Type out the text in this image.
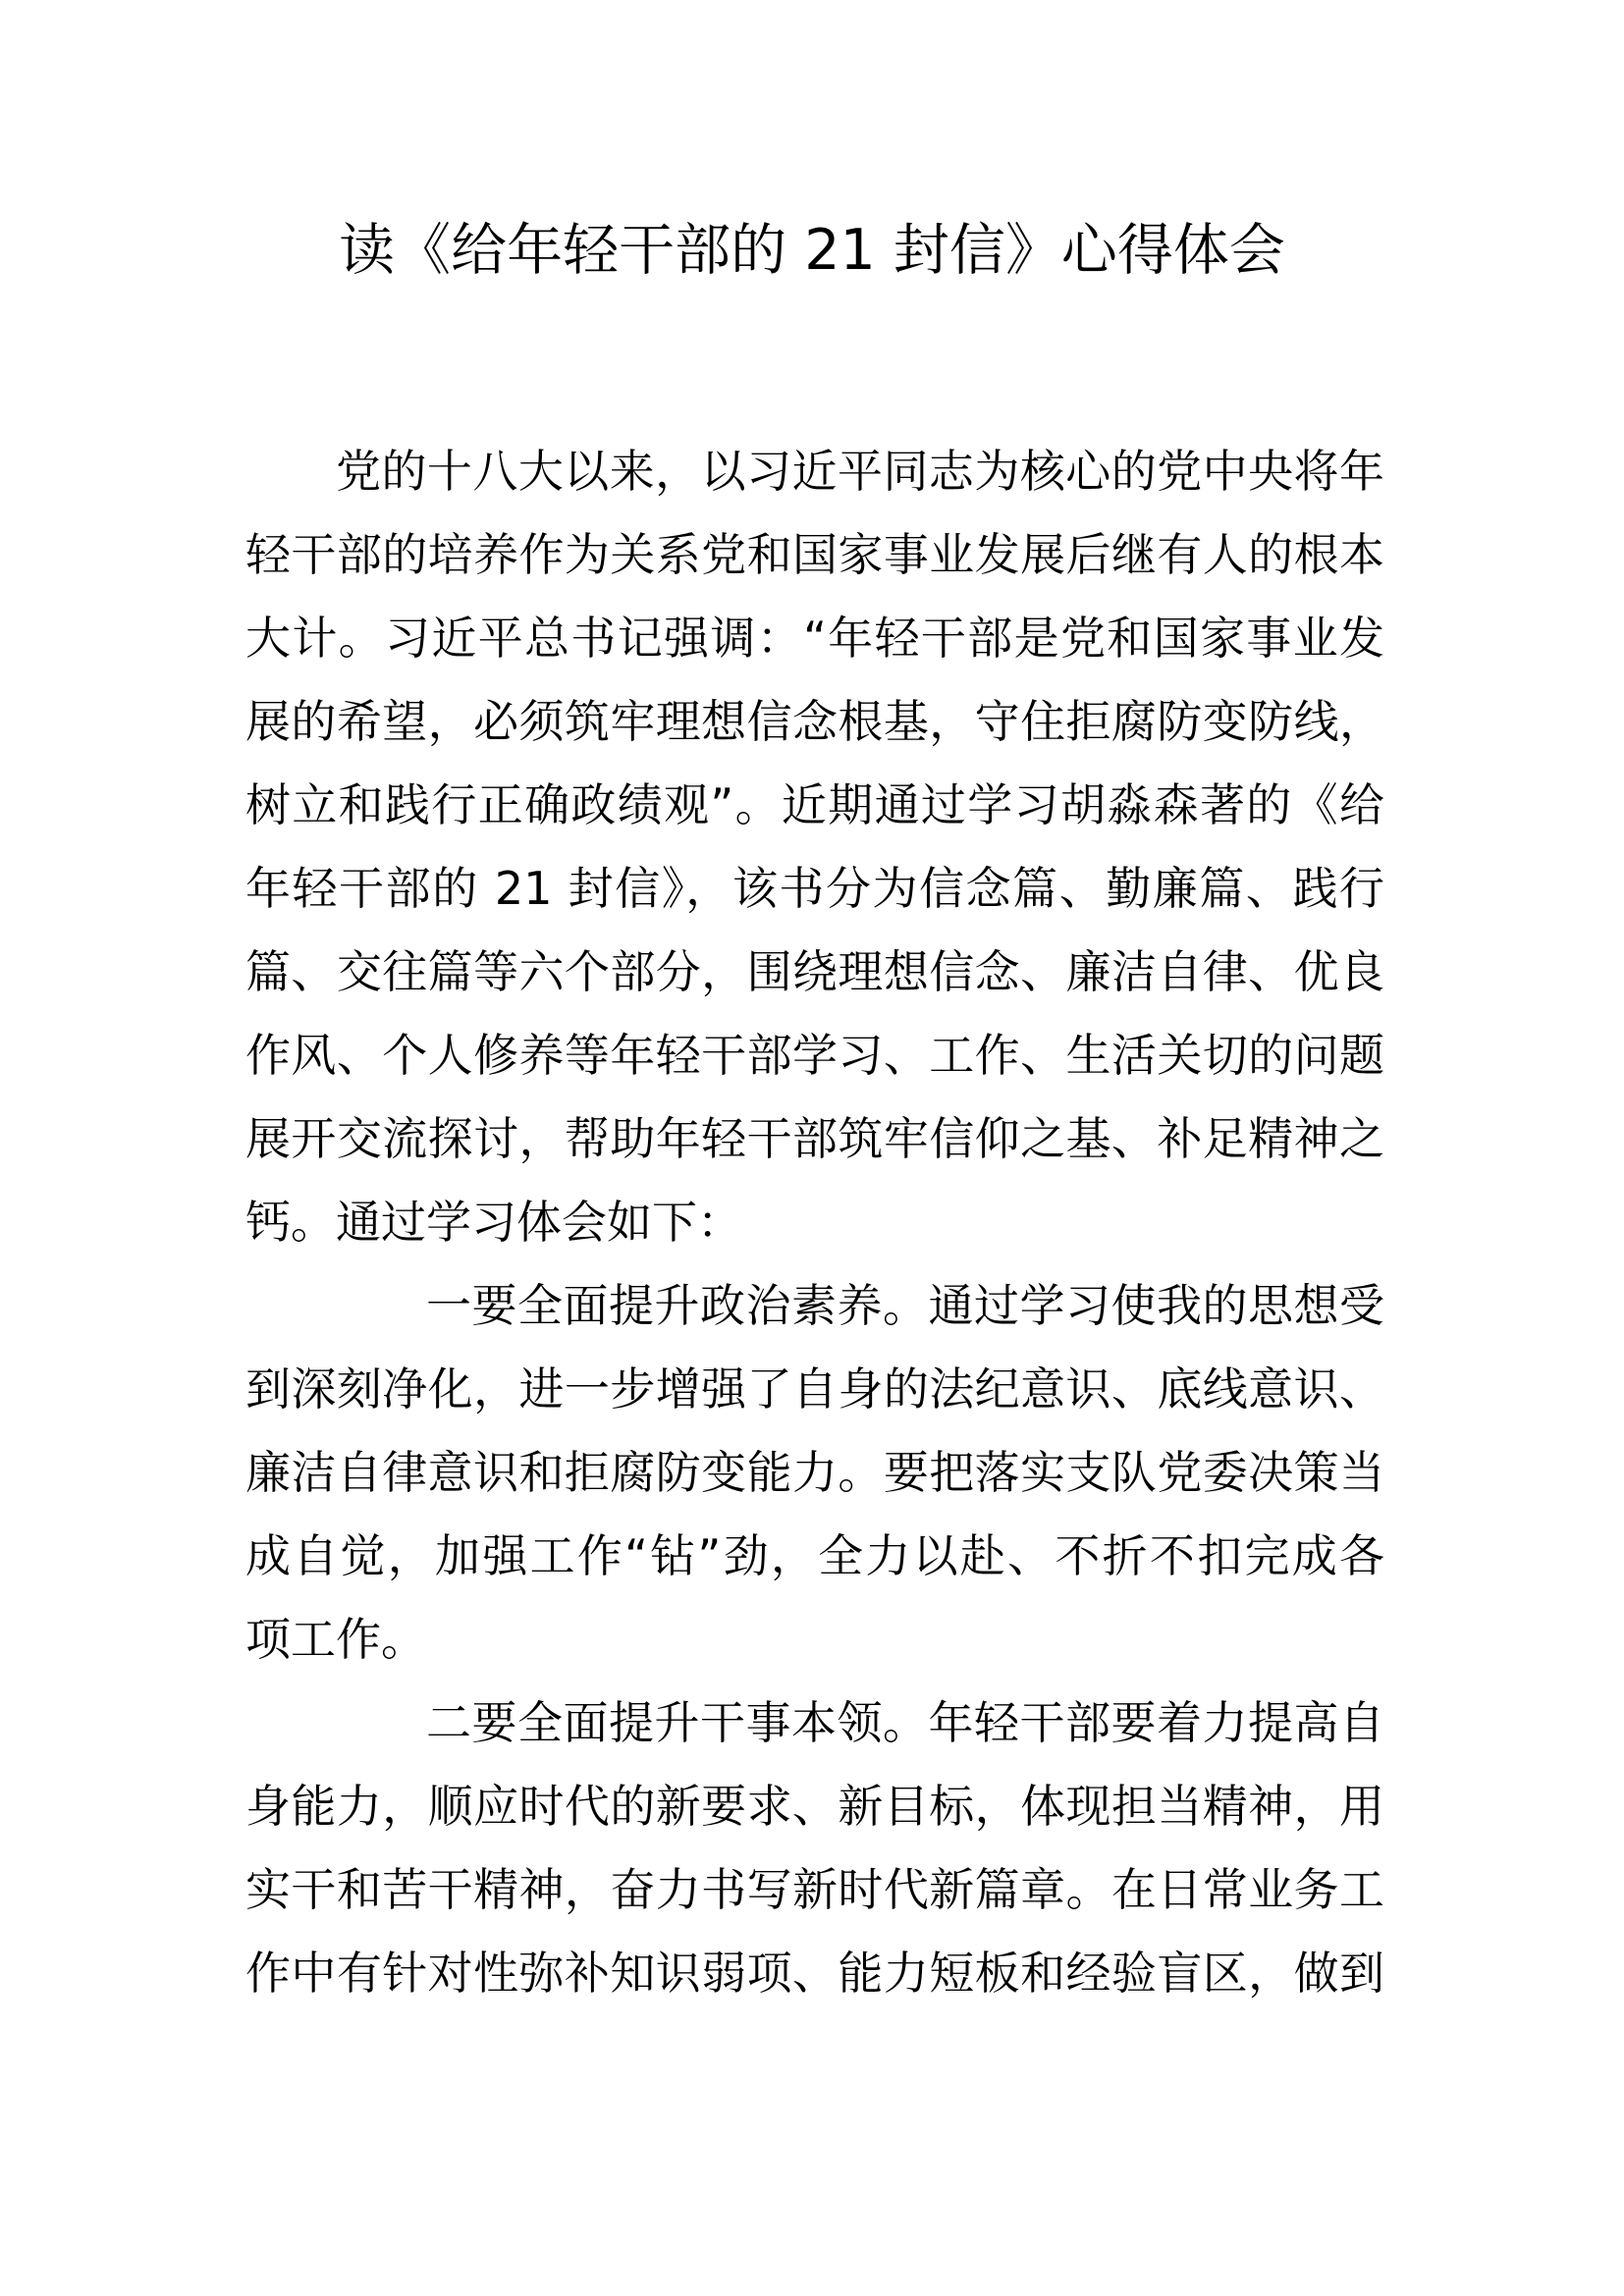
读《给年轻干部的 21 封信》心得体会
党的十八大以来，以习近平同志为核心的党中央将年
轻干部的培养作为关系党和国家事业发展后继有人的根本
大计。习近平总书记强调：“年轻干部是党和国家事业发
展的希望，必须筑牢理想信念根基，守住拒腐防变防线，
树立和践行正确政绩观”。近期通过学习胡淼森著的《给
年轻干部的 21 封信》，该书分为信念篇、勤廉篇、践行
篇、交往篇等六个部分，围绕理想信念、廉洁自律、优良
作风、个人修养等年轻干部学习、工作、生活关切的问题
展开交流探讨，帮助年轻干部筑牢信仰之基、补足精神之
钙。通过学习体会如下：
一要全面提升政治素养。通过学习使我的思想受
到深刻净化，进一步增强了自身的法纪意识、底线意识、
廉洁自律意识和拒腐防变能力。要把落实支队党委决策当
成自觉，加强工作“钻”劲，全力以赴、不折不扣完成各
项工作。
二要全面提升干事本领。年轻干部要着力提高自
身能力，顺应时代的新要求、新目标，体现担当精神，用
实干和苦干精神，奋力书写新时代新篇章。在日常业务工
作中有针对性弥补知识弱项、能力短板和经验盲区，做到
